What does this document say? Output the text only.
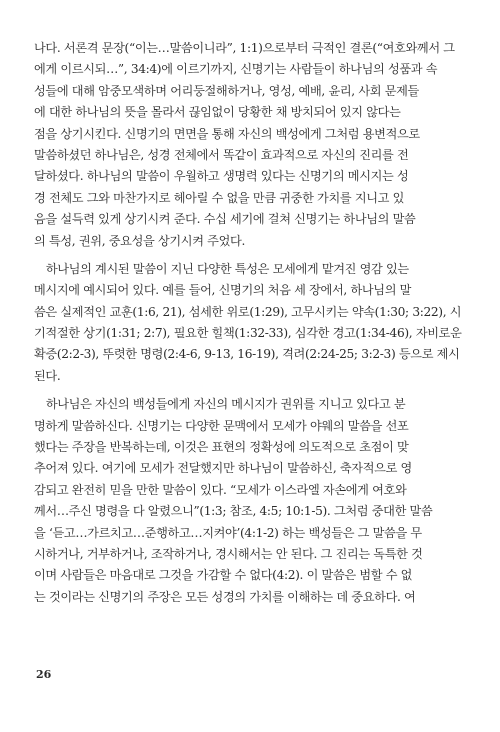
나다. 서론격 문장(“이는…말씀이니라”, 1:1)으로부터 극적인 결론(“여호와께서 그
에게 이르시되…”, 34:4)에 이르기까지, 신명기는 사람들이 하나님의 성품과 속
성들에 대해 암중모색하며 어리둥절해하거나, 영성, 예배, 윤리, 사회 문제들
에 대한 하나님의 뜻을 몰라서 끊임없이 당황한 채 방치되어 있지 않다는
점을 상기시킨다. 신명기의 면면을 통해 자신의 백성에게 그처럼 용변적으로
말씀하셨던 하나님은, 성경 전체에서 똑같이 효과적으로 자신의 진리를 전
달하셨다. 하나님의 말씀이 우월하고 생명력 있다는 신명기의 메시지는 성
경 전체도 그와 마찬가지로 헤아릴 수 없을 만큼 귀중한 가치를 지니고 있
음을 설득력 있게 상기시켜 준다. 수십 세기에 걸쳐 신명기는 하나님의 말씀
의 특성, 권위, 중요성을 상기시켜 주었다.
　하나님의 계시된 말씀이 지닌 다양한 특성은 모세에게 맡겨진 영감 있는
메시지에 예시되어 있다. 예를 들어, 신명기의 처음 세 장에서, 하나님의 말
씀은 실제적인 교훈(1:6, 21), 섬세한 위로(1:29), 고무시키는 약속(1:30; 3:22), 시
기적절한 상기(1:31; 2:7), 필요한 힐책(1:32-33), 심각한 경고(1:34-46), 자비로운
확증(2:2-3), 뚜렷한 명령(2:4-6, 9-13, 16-19), 격려(2:24-25; 3:2-3) 등으로 제시
된다.
　하나님은 자신의 백성들에게 자신의 메시지가 권위를 지니고 있다고 분
명하게 말씀하신다. 신명기는 다양한 문맥에서 모세가 야웨의 말씀을 선포
했다는 주장을 반복하는데, 이것은 표현의 정확성에 의도적으로 초점이 맞
추어져 있다. 여기에 모세가 전달했지만 하나님이 말씀하신, 축자적으로 영
감되고 완전히 믿을 만한 말씀이 있다. “모세가 이스라엘 자손에게 여호와
께서…주신 명령을 다 알렸으니”(1:3; 참조, 4:5; 10:1-5). 그처럼 중대한 말씀
을 ‘듣고…가르치고…준행하고…지켜야’(4:1-2) 하는 백성들은 그 말씀을 무
시하거나, 거부하거나, 조작하거나, 경시해서는 안 된다. 그 진리는 독특한 것
이며 사람들은 마음대로 그것을 가감할 수 없다(4:2). 이 말씀은 범할 수 없
는 것이라는 신명기의 주장은 모든 성경의 가치를 이해하는 데 중요하다. 여
26
